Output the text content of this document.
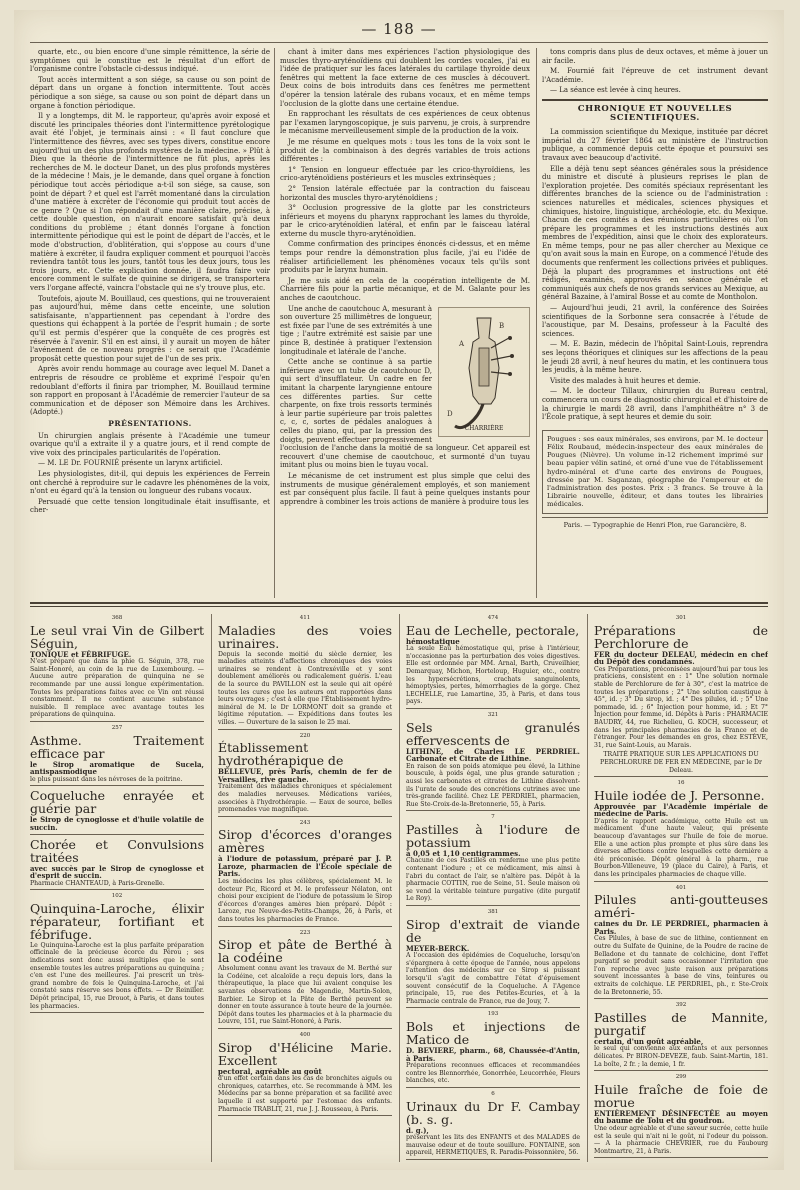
— 188 —

quarte, etc., ou bien encore d'une simple rémittence, la série de symptômes qui le constitue est le résultat d'un effort de l'organisme contre l'obstacle ci-dessus indiqué.

Tout accès intermittent a son siége, sa cause ou son point de départ dans un organe à fonction intermittente. Tout accès périodique a son siége, sa cause ou son point de départ dans un organe à fonction périodique.

Il y a longtemps, dit M. le rapporteur, qu'après avoir exposé et discuté les principales théories dont l'intermittence pyrétologique avait été l'objet, je terminais ainsi : « Il faut conclure que l'intermittence des fièvres, avec ses types divers, constitue encore aujourd'hui un des plus profonds mystères de la médecine. » Plût à Dieu que la théorie de l'intermittence ne fût plus, après les recherches de M. le docteur Danet, un des plus profonds mystères de la médecine ! Mais, je le demande, dans quel organe à fonction périodique tout accès périodique a-t-il son siége, sa cause, son point de départ ? et quel est l'arrêt momentané dans la circulation d'une matière à excréter de l'économie qui produit tout accès de ce genre ? Que si l'on répondait d'une manière claire, précise, à cette double question, on n'aurait encore satisfait qu'à deux conditions du problème ; étant donnés l'organe à fonction intermittente périodique qui est le point de départ de l'accès, et le mode d'obstruction, d'oblitération, qui s'oppose au cours d'une matière à excréter, il faudra expliquer comment et pourquoi l'accès reviendra tantôt tous les jours, tantôt tous les deux jours, tous les trois jours, etc. Cette explication donnée, il faudra faire voir encore comment le sulfate de quinine se dirigera, se transportera vers l'organe affecté, vaincra l'obstacle qui ne s'y trouve plus, etc.

Toutefois, ajoute M. Bouillaud, ces questions, qui ne trouveraient pas aujourd'hui, même dans cette enceinte, une solution satisfaisante, n'appartiennent pas cependant à l'ordre des questions qui échappent à la portée de l'esprit humain ; de sorte qu'il est permis d'espérer que la conquête de ces progrès est réservée à l'avenir. S'il en est ainsi, il y aurait un moyen de hâter l'avénement de ce nouveau progrès : ce serait que l'Académie proposât cette question pour sujet de l'un de ses prix.

Après avoir rendu hommage au courage avec lequel M. Danet a entrepris de résoudre ce problème et exprimé l'espoir qu'en redoublant d'efforts il finira par triompher, M. Bouillaud termine son rapport en proposant à l'Académie de remercier l'auteur de sa communication et de déposer son Mémoire dans les Archives. (Adopté.)

PRÉSENTATIONS.

Un chirurgien anglais présente à l'Académie une tumeur ovarique qu'il a extraite il y a quatre jours, et il rend compte de vive voix des principales particularités de l'opération.

— M. LE Dr. FOURNIÉ présente un larynx artificiel.

Les physiologistes, dit-il, qui depuis les expériences de Ferrein ont cherché à reproduire sur le cadavre les phénomènes de la voix, n'ont eu égard qu'à la tension ou longueur des rubans vocaux.

Persuadé que cette tension longitudinale était insuffisante, et cher-

chant à imiter dans mes expériences l'action physiologique des muscles thyro-aryténoïdiens qui doublent les cordes vocales, j'ai eu l'idée de pratiquer sur les faces latérales du cartilage thyroïde deux fenêtres qui mettent la face externe de ces muscles à découvert. Deux coins de bois introduits dans ces fenêtres me permettent d'opérer la tension latérale des rubans vocaux, et en même temps l'occlusion de la glotte dans une certaine étendue.

En rapprochant les résultats de ces expériences de ceux obtenus par l'examen laryngoscopique, je suis parvenu, je crois, à surprendre le mécanisme merveilleusement simple de la production de la voix.

Je me résume en quelques mots : tous les tons de la voix sont le produit de la combinaison à des degrés variables de trois actions différentes :

1° Tension en longueur effectuée par les crico-thyroïdiens, les crico-aryténoïdiens postérieurs et les muscles extrinsèques ;

2° Tension latérale effectuée par la contraction du faisceau horizontal des muscles thyro-aryténoïdiens ;

3° Occlusion progressive de la glotte par les constricteurs inférieurs et moyens du pharynx rapprochant les lames du thyroïde, par le crico-aryténoïdien latéral, et enfin par le faisceau latéral externe du muscle thyro-aryténoïdien.

Comme confirmation des principes énoncés ci-dessus, et en même temps pour rendre la démonstration plus facile, j'ai eu l'idée de réaliser artificiellement les phénomènes vocaux tels qu'ils sont produits par le larynx humain.

Je me suis aidé en cela de la coopération intelligente de M. Charrière fils pour la partie mécanique, et de M. Galante pour les anches de caoutchouc.

A
B
D
CHARRIÈRE

Une anche de caoutchouc A, mesurant à son ouverture 25 millimètres de longueur, est fixée par l'une de ses extrémités à une tige ; l'autre extrémité est saisie par une pince B, destinée à pratiquer l'extension longitudinale et latérale de l'anche.

Cette anche se continue à sa partie inférieure avec un tube de caoutchouc D, qui sert d'insufflateur. Un cadre en fer imitant la charpente laryngienne entoure ces différentes parties. Sur cette charpente, on fixe trois ressorts terminés à leur partie supérieure par trois palettes c, c, c, sortes de pédales analogues à celles du piano, qui, par la pression des doigts, peuvent effectuer progressivement l'occlusion de l'anche dans la moitié de sa longueur. Cet appareil est recouvert d'une chemise de caoutchouc, et surmonté d'un tuyau imitant plus ou moins bien le tuyau vocal.

Le mécanisme de cet instrument est plus simple que celui des instruments de musique généralement employés, et son maniement est par conséquent plus facile. Il faut à peine quelques instants pour apprendre à combiner les trois actions de manière à produire tous les

tons compris dans plus de deux octaves, et même à jouer un air facile.

M. Fournié fait l'épreuve de cet instrument devant l'Académie.

— La séance est levée à cinq heures.

CHRONIQUE ET NOUVELLES SCIENTIFIQUES.

La commission scientifique du Mexique, instituée par décret impérial du 27 février 1864 au ministère de l'instruction publique, a commencé depuis cette époque et poursuivi ses travaux avec beaucoup d'activité.

Elle a déjà tenu sept séances générales sous la présidence du ministre et discuté à plusieurs reprises le plan de l'exploration projetée. Des comités spéciaux représentant les différentes branches de la science ou de l'administration : sciences naturelles et médicales, sciences physiques et chimiques, histoire, linguistique, archéologie, etc. du Mexique. Chacun de ces comités a des réunions particulières où l'on prépare les programmes et les instructions destinés aux membres de l'expédition, ainsi que le choix des explorateurs. En même temps, pour ne pas aller chercher au Mexique ce qu'on avait sous la main en Europe, on a commencé l'étude des documents que renferment les collections privées et publiques. Déjà la plupart des programmes et instructions ont été rédigés, examinés, approuvés en séance générale et communiqués aux chefs de nos grands services au Mexique, au général Bazaine, à l'amiral Bosse et au comte de Montholon.

— Aujourd'hui jeudi, 21 avril, la conférence des Soirées scientifiques de la Sorbonne sera consacrée à l'étude de l'acoustique, par M. Desains, professeur à la Faculté des sciences.

— M. E. Bazin, médecin de l'hôpital Saint-Louis, reprendra ses leçons théoriques et cliniques sur les affections de la peau le jeudi 28 avril, à neuf heures du matin, et les continuera tous les jeudis, à la même heure.

Visite des malades à huit heures et demie.

— M. le docteur Tillaux, chirurgien du Bureau central, commencera un cours de diagnostic chirurgical et d'histoire de la chirurgie le mardi 28 avril, dans l'amphithéâtre n° 3 de l'École pratique, à sept heures et demie du soir.

Pougues : ses eaux minérales, ses environs, par M. le docteur Félix Roubaud, médecin-inspecteur des eaux minérales de Pougues (Nièvre). Un volume in-12 richement imprimé sur beau papier vélin satiné, et orné d'une vue de l'établissement hydro-minéral et d'une carte des environs de Pougues, dressée par M. Saganzan, géographe de l'empereur et de l'administration des postes. Prix : 3 francs. Se trouve à la Librairie nouvelle, éditeur, et dans toutes les librairies médicales.
Paris. — Typographie de Henri Plon, rue Garancière, 8.
368
Le seul vrai Vin de Gilbert Séguin,
TONIQUE et FÉBRIFUGE.
N'est préparé que dans la phie G. Séguin, 378, rue Saint-Honoré, au coin de la rue de Luxembourg. — Aucune autre préparation de quinquina ne se recommande par une aussi longue expérimentation. Toutes les préparations faites avec ce Vin ont réussi constamment. Il ne contient aucune substance nuisible. Il remplace avec avantage toutes les préparations de quinquina.
257
Asthme. Traitement efficace par
le Sirop aromatique de Sucela, antispasmodique
le plus puissant dans les névroses de la poitrine.
Coqueluche enrayée et guérie par
le Sirop de cynoglosse et d'huile volatile de succin.
Chorée et Convulsions traitées
avec succès par le Sirop de cynoglosse et d'esprit de succin.
Pharmacie CHANTEAUD, à Paris-Grenelle.
102
Quinquina-Laroche, élixir réparateur, fortifiant et fébrifuge.
Le Quinquina-Laroche est la plus parfaite préparation officinale de la précieuse écorce du Pérou ; ses indications sont donc aussi multiples que le sont ensemble toutes les autres préparations au quinquina ; c'en est l'une des meilleures. J'ai prescrit un très-grand nombre de fois le Quinquina-Laroche, et j'ai constaté sans réserve ses bons effets. — Dr Reiniller. Dépôt principal, 15, rue Drouot, à Paris, et dans toutes les pharmacies.
411
Maladies des voies urinaires.
Depuis la seconde moitié du siècle dernier, les maladies atteints d'affections chroniques des voies urinaires se rendent à Contrexéville et y sont doublement améliorés ou radicalement guéris. L'eau de la source du PAVILLON est la seule qui ait opéré toutes les cures que les auteurs ont rapportées dans leurs ouvrages ; c'est à elle que l'Établissement hydro-minéral de M. le Dr LORMONT doit sa grande et légitime réputation. — Expéditions dans toutes les villes. — Ouverture de la saison le 25 mai.
220
Établissement hydrothérapique de
BELLEVUE, près Paris, chemin de fer de Versailles, rive gauche.
Traitement des maladies chroniques et spécialement des maladies nerveuses. Médications variées, associées à l'hydrothérapie. — Eaux de source, belles promenades vue magnifique.
243
Sirop d'écorces d'oranges amères
à l'iodure de potassium, préparé par J. P. Laroze, pharmacien de l'École spéciale de Paris.
Les médecins les plus célèbres, spécialement M. le docteur Pic, Ricord et M. le professeur Nélaton, ont choisi pour excipient de l'iodure de potassium le Sirop d'écorces d'oranges amères bien préparé. Dépôt : Laroze, rue Neuve-des-Petits-Champs, 26, à Paris, et dans toutes les pharmacies de France.
223
Sirop et pâte de Berthé à la codéine
Absolument connu avant les travaux de M. Berthé sur la Codéine, cet alcaloïde a reçu depuis lors, dans la thérapeutique, la place que lui avaient conquise les savantes observations de Magendie, Martin-Solon, Barbier. Le Sirop et la Pâte de Berthé peuvent se donner en toute assurance à toute heure de la journée. Dépôt dans toutes les pharmacies et à la pharmacie du Louvre, 151, rue Saint-Honoré, à Paris.
400
Sirop d'Hélicine Marie. Excellent
pectoral, agréable au goût
d'un effet certain dans les cas de bronchites aiguës ou chroniques, catarrhes, etc. Se recommande à MM. les Médecins par sa bonne préparation et sa facilité avec laquelle il est supporté par l'estomac des enfants. Pharmacie TRABLIT, 21, rue J. J. Rousseau, à Paris.
474
Eau de Lechelle, pectorale,
hémostatique
La seule Eau hémostatique qui, prise à l'intérieur, n'occasionne pas la perturbation des voies digestives. Elle est ordonnée par MM. Arnal, Barth, Cruveilhier, Demarquay, Michon, Horteloup, Huguier, etc., contre les hypersécrétions, crachats sanguinolents, hémoptysies, pertes, hémorrhagies de la gorge. Chez LECHELLE, rue Lamartine, 35, à Paris, et dans tous pays.
321
Sels granulés effervescents de
LITHINE, de Charles LE PERDRIEL. Carbonate et Citrate de Lithine.
En raison de son poids atomique peu élevé, la Lithine bouscule, à poids égal, une plus grande saturation ; aussi les carbonates et citrates de Lithine dissolvent-ils l'urate de soude des concrétions cutrines avec une très-grande facilité. Chez LE PERDRIEL, pharmacien, Rue Ste-Croix-de-la-Bretonnerie, 55, à Paris.
7
Pastilles à l'iodure de potassium
à 0,05 et 1,10 centigrammes.
Chacune de ces Pastilles en renferme une plus petite contenant l'iodure ; et ce médicament, mis ainsi à l'abri du contact de l'air, se n'altère pas. Dépôt à la pharmacie COTTIN, rue de Seine, 51. Seule maison où se vend la véritable teinture purgative (dite purgatif Le Roy).
381
Sirop d'extrait de viande de
MEYER-BERCK.
A l'occasion des épidémies de Coqueluche, lorsqu'on s'épargnera à cette époque de l'année, nous appelons l'attention des médecins sur ce Sirop si puissant lorsqu'il s'agit de combattre l'état d'épuisement souvent consécutif de la Coqueluche. A l'Agence principale, 15, rue des Petites-Écuries, et à la Pharmacie centrale de France, rue de Jouy, 7.
193
Bols et injections de Matico de
D. BEVIERE, pharm., 68, Chaussée-d'Antin, à Paris.
Préparations reconnues efficaces et recommandées contre les Blennorrhée, Gonorrhée, Leucorrhée, Fleurs blanches, etc.
6
Urinaux du Dr F. Cambay (b. s. g.
d. g.),
préservant les lits des ENFANTS et des MALADES de mauvaise odeur et de toute souillure. FONTAINE, son appareil, HERMETIQUES, R. Paradis-Poissonnière, 56.
301
Préparations de Perchlorure de
FER du docteur DELEAU, médecin en chef du Dépôt des condamnés.
Ces Préparations, préconisées aujourd'hui par tous les praticiens, consistent en : 1° Une solution normale stable de Perchlorure de fer à 30°, c'est la matrice de toutes les préparations ; 2° Une solution caustique à 45°, id. ; 3° Du sirop, id. ; 4° Des pilules, id. ; 5° Une pommade, id. ; 6° Injection pour homme, id. ; Et 7° Injection pour femme, id. Dépôts à Paris : PHARMACIE BAUDRY, 44, rue Richelieu, G. KOCH, successeur, et dans les principales pharmacies de la France et de l'étranger. Pour les demandes en gros, chez ESTÈVE, 31, rue Saint-Louis, au Marais.
TRAITÉ PRATIQUE SUR LES APPLICATIONS DU PERCHLORURE DE FER EN MÉDECINE, par le Dr Deleau.
16
Huile iodée de J. Personne.
Approuvée par l'Académie impériale de médecine de Paris.
D'après le rapport académique, cette Huile est un médicament d'une haute valeur, qui présente beaucoup d'avantages sur l'huile de foie de morue. Elle a une action plus prompte et plus sûre dans les diverses affections contre lesquelles cette dernière a été préconisée. Dépôt général à la pharm., rue Bourbon-Villeneuve, 19 (place du Caire), à Paris, et dans les principales pharmacies de chaque ville.
401
Pilules anti-goutteuses améri-
caines du Dr. LE PERDRIEL, pharmacien à Paris.
Ces Pilules, à base de suc de lithine, contiennent en outre du Sulfate de Quinine, de la Poudre de racine de Belladone et du tannate de colchicine, dont l'effet purgatif se produit sans occasionner l'irritation que l'on reproche avec juste raison aux préparations souvent incessantes à base de vins, teintures ou extraits de colchique. LE PERDRIEL, ph., r. Ste-Croix de la Bretonnerie, 55.
392
Pastilles de Mannite, purgatif
certain, d'un goût agréable,
le seul qui convienne aux enfants et aux personnes délicates. Pr BIRON-DEVEZE, faub. Saint-Martin, 181. La boîte, 2 fr. ; la demie, 1 fr.
299
Huile fraîche de foie de morue
ENTIÈREMENT DÉSINFECTÉE au moyen du baume de Tolu et du goudron.
Une odeur agréable et d'une saveur sucrée, cette huile est la seule qui n'ait ni le goût, ni l'odeur du poisson. — A la pharmacie CHEVRIER, rue du Faubourg Montmartre, 21, à Paris.
